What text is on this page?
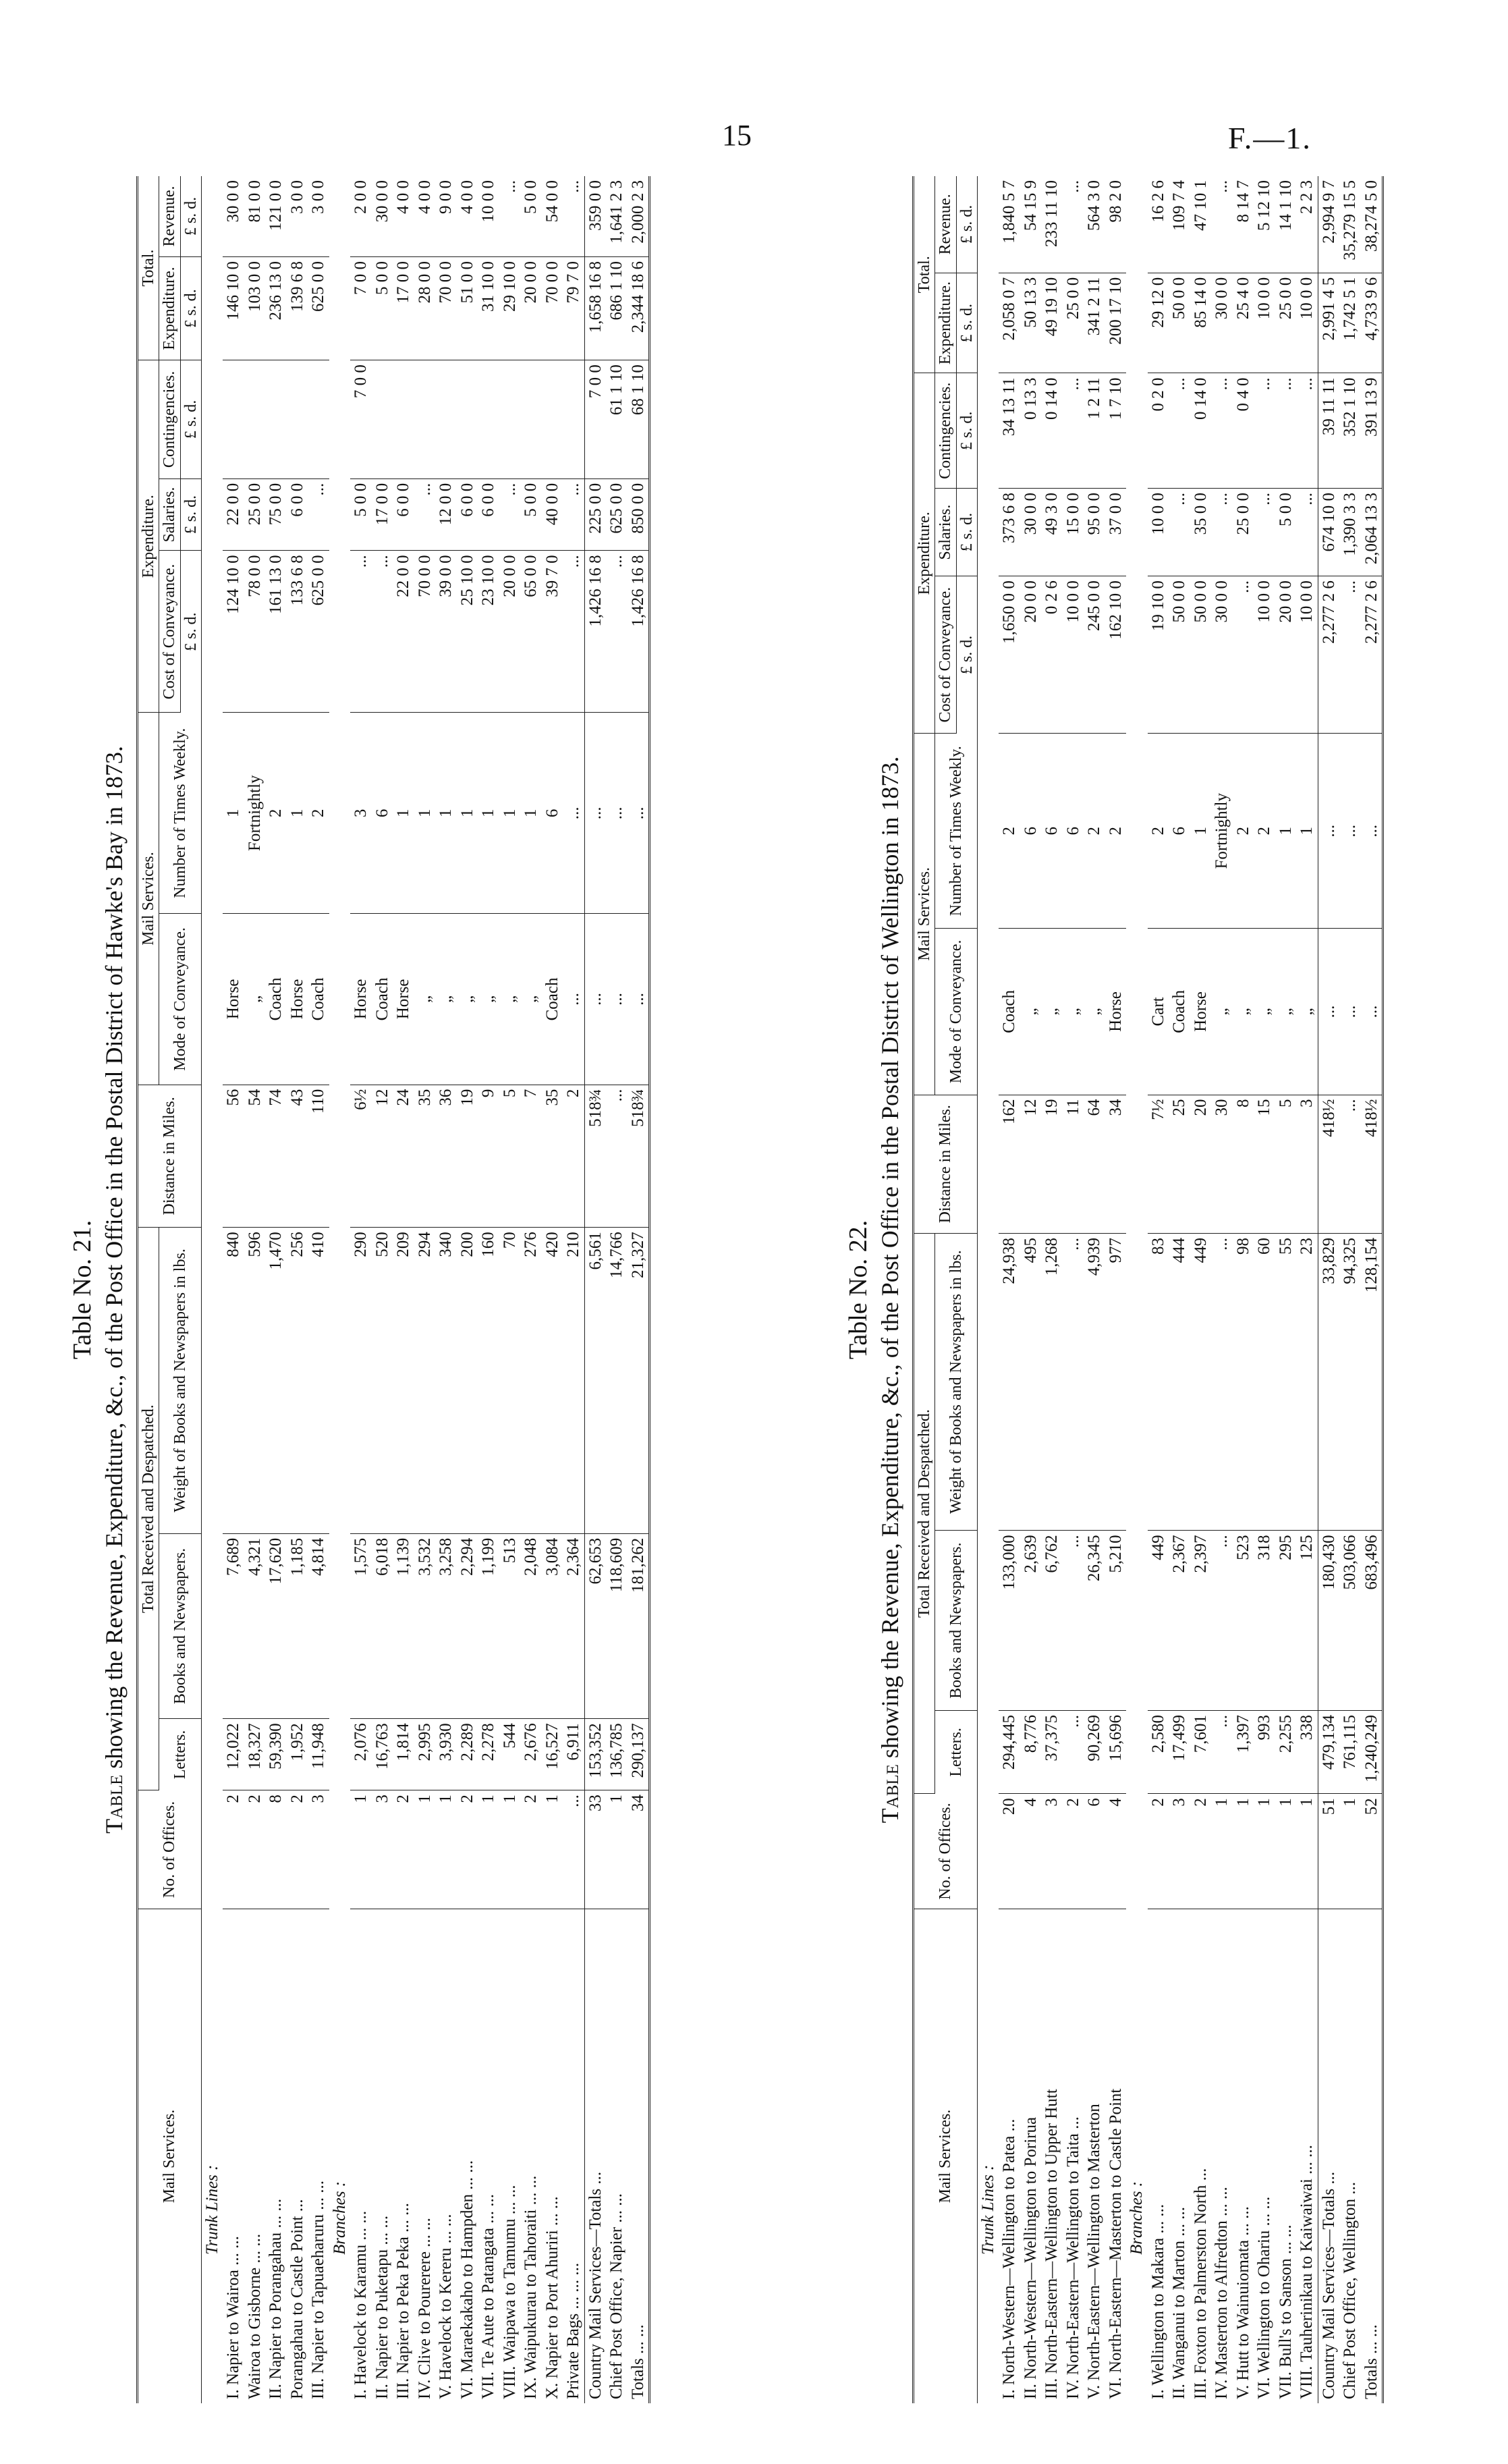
15	F.—1.

Table No. 21.

Table showing the Revenue, Expenditure, &c., of the Post Office in the Postal District of Hawke's Bay in 1873.

Mail Services.	No. of Offices.	Total Received and Despatched.			Distance in Miles.	Mail Services.		Expenditure.			Total.	
		Letters.	Books and Newspapers.	Weight of Books and Newspapers in lbs.		Mode of Conveyance.	Number of Times Weekly.	Cost of Conveyance.	Salaries.	Contingencies.	Expenditure.	Revenue.
								£ s. d.	£ s. d.	£ s. d.	£ s. d.	£ s. d.
Trunk Lines :												
I. Napier to Wairoa ... ...	2	12,022	7,689	840	56	Horse	1	124 10 0	22 0 0		146 10 0	30 0 0
Wairoa to Gisborne ... ...	2	18,327	4,321	596	54	„	Fortnightly	78 0 0	25 0 0		103 0 0	81 0 0
II. Napier to Porangahau ... ...	8	59,390	17,620	1,470	74	Coach	2	161 13 0	75 0 0		236 13 0	121 0 0
Porangahau to Castle Point ...	2	1,952	1,185	256	43	Horse	1	133 6 8	6 0 0		139 6 8	3 0 0
III. Napier to Tapuaeharuru ... ...	3	11,948	4,814	410	110	Coach	2	625 0 0	...		625 0 0	3 0 0
Branches :												
I. Havelock to Karamu ... ...	1	2,076	1,575	290	6½	Horse	3	...	5 0 0	7 0 0	7 0 0	2 0 0
II. Napier to Puketapu ... ...	3	16,763	6,018	520	12	Coach	6	...	17 0 0		5 0 0	30 0 0
III. Napier to Peka Peka ... ...	2	1,814	1,139	209	24	Horse	1	22 0 0	6 0 0		17 0 0	4 0 0
IV. Clive to Pourerere ... ...	1	2,995	3,532	294	35	„	1	70 0 0	...		28 0 0	4 0 0
V. Havelock to Kereru ... ...	1	3,930	3,258	340	36	„	1	39 0 0	12 0 0		70 0 0	9 0 0
VI. Maraekakaho to Hampden ... ...	2	2,289	2,294	200	19	„	1	25 10 0	6 0 0		51 0 0	4 0 0
VII. Te Aute to Patangata ... ...	1	2,278	1,199	160	9	„	1	23 10 0	6 0 0		31 10 0	10 0 0
VIII. Waipawa to Tamumu ... ...	1	544	513	70	5	„	1	20 0 0	...		29 10 0	...
IX. Waipukurau to Tahoraiti ... ...	2	2,676	2,048	276	7	„	1	65 0 0	5 0 0		20 0 0	5 0 0
X. Napier to Port Ahuriri ... ...	1	16,527	3,084	420	35	Coach	6	39 7 0	40 0 0		70 0 0	54 0 0
Private Bags ... ... ...	...	6,911	2,364	210	2	...	...	...	...		79 7 0	...
Country Mail Services—Totals ...	33	153,352	62,653	6,561	518¾	...	...	1,426 16 8	225 0 0	7 0 0	1,658 16 8	359 0 0
Chief Post Office, Napier ... ...	1	136,785	118,609	14,766	...	...	...	...	625 0 0	61 1 10	686 1 10	1,641 2 3
Totals ... ...	34	290,137	181,262	21,327	518¾	...	...	1,426 16 8	850 0 0	68 1 10	2,344 18 6	2,000 2 3

Table No. 22.

Table showing the Revenue, Expenditure, &c., of the Post Office in the Postal District of Wellington in 1873.

Mail Services.	No. of Offices.	Total Received and Despatched.			Distance in Miles.	Mail Services.		Expenditure.			Total.	
		Letters.	Books and Newspapers.	Weight of Books and Newspapers in lbs.		Mode of Conveyance.	Number of Times Weekly.	Cost of Conveyance.	Salaries.	Contingencies.	Expenditure.	Revenue.
								£ s. d.	£ s. d.	£ s. d.	£ s. d.	£ s. d.
Trunk Lines :												
I. North-Western—Wellington to Patea ...	20	294,445	133,000	24,938	162	Coach	2	1,650 0 0	373 6 8	34 13 11	2,058 0 7	1,840 5 7
II. North-Western—Wellington to Porirua	4	8,776	2,639	495	12	„	6	20 0 0	30 0 0	0 13 3	50 13 3	54 15 9
III. North-Eastern—Wellington to Upper Hutt	3	37,375	6,762	1,268	19	„	6	0 2 6	49 3 0	0 14 0	49 19 10	233 11 10
IV. North-Eastern—Wellington to Taita ...	2	...	...	...	11	„	6	10 0 0	15 0 0	...	25 0 0	...
V. North-Eastern—Wellington to Masterton	6	90,269	26,345	4,939	64	„	2	245 0 0	95 0 0	1 2 11	341 2 11	564 3 0
VI. North-Eastern—Masterton to Castle Point	4	15,696	5,210	977	34	Horse	2	162 10 0	37 0 0	1 7 10	200 17 10	98 2 0
Branches :												
I. Wellington to Makara ... ...	2	2,580	449	83	7½	Cart	2	19 10 0	10 0 0	0 2 0	29 12 0	16 2 6
II. Wanganui to Marton ... ...	3	17,499	2,367	444	25	Coach	6	50 0 0	...	...	50 0 0	109 7 4
III. Foxton to Palmerston North ...	2	7,601	2,397	449	20	Horse	1	50 0 0	35 0 0	0 14 0	85 14 0	47 10 1
IV. Masterton to Alfredton ... ...	1	...	...	...	30	„	Fortnightly	30 0 0	...	...	30 0 0	...
V. Hutt to Wainuiomata ... ...	1	1,397	523	98	8	„	2	...	25 0 0	0 4 0	25 4 0	8 14 7
VI. Wellington to Ohariu ... ...	1	993	318	60	15	„	2	10 0 0	...	...	10 0 0	5 12 10
VII. Bull's to Sanson ... ...	1	2,255	295	55	5	„	1	20 0 0	5 0 0	...	25 0 0	14 1 10
VIII. Tauherinikau to Kaiwaiwai ... ...	1	338	125	23	3	„	1	10 0 0	...	...	10 0 0	2 2 3
Country Mail Services—Totals ...	51	479,134	180,430	33,829	418½	...	...	2,277 2 6	674 10 0	39 11 11	2,991 4 5	2,994 9 7
Chief Post Office, Wellington ...	1	761,115	503,066	94,325	...	...	...	...	1,390 3 3	352 1 10	1,742 5 1	35,279 15 5
Totals ... ...	52	1,240,249	683,496	128,154	418½	...	...	2,277 2 6	2,064 13 3	391 13 9	4,733 9 6	38,274 5 0
